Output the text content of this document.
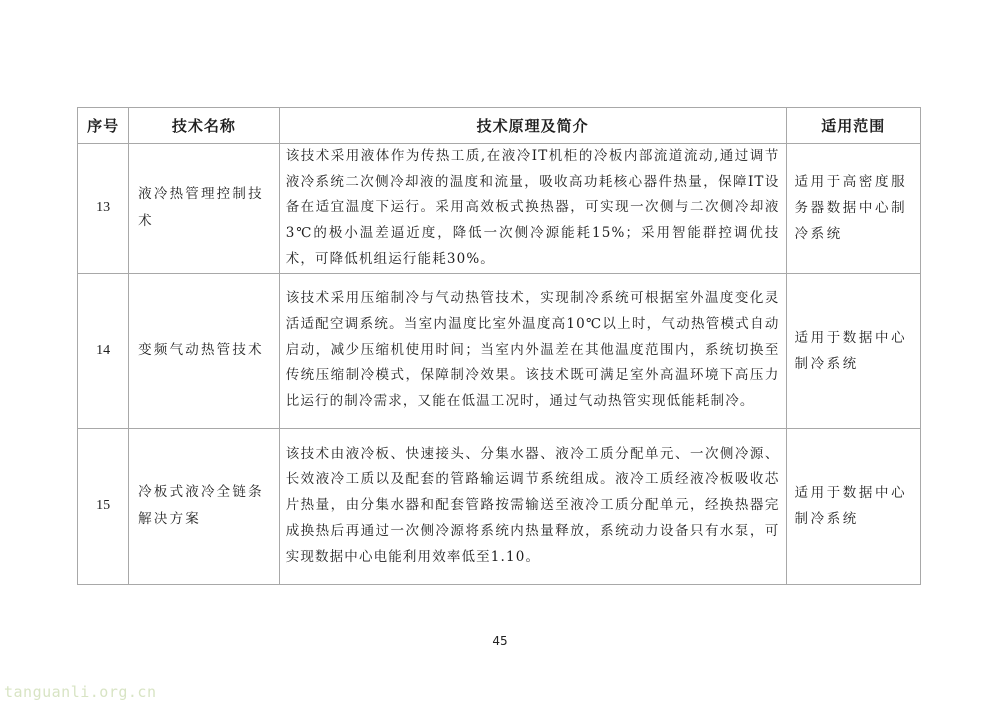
序号	技术名称	技术原理及简介	适用范围
13	液冷热管理控制技术	该技术采用液体作为传热工质,在液冷IT机柜的冷板内部流道流动,通过调节液冷系统二次侧冷却液的温度和流量，吸收高功耗核心器件热量，保障IT设备在适宜温度下运行。采用高效板式换热器，可实现一次侧与二次侧冷却液3℃的极小温差逼近度，降低一次侧冷源能耗15%；采用智能群控调优技术，可降低机组运行能耗30%。	适用于高密度服务器数据中心制冷系统
14	变频气动热管技术	该技术采用压缩制冷与气动热管技术，实现制冷系统可根据室外温度变化灵活适配空调系统。当室内温度比室外温度高10℃以上时，气动热管模式自动启动，减少压缩机使用时间；当室内外温差在其他温度范围内，系统切换至传统压缩制冷模式，保障制冷效果。该技术既可满足室外高温环境下高压力比运行的制冷需求，又能在低温工况时，通过气动热管实现低能耗制冷。	适用于数据中心制冷系统
15	冷板式液冷全链条解决方案	该技术由液冷板、快速接头、分集水器、液冷工质分配单元、一次侧冷源、长效液冷工质以及配套的管路输运调节系统组成。液冷工质经液冷板吸收芯片热量，由分集水器和配套管路按需输送至液冷工质分配单元，经换热器完成换热后再通过一次侧冷源将系统内热量释放，系统动力设备只有水泵，可实现数据中心电能利用效率低至1.10。	适用于数据中心制冷系统
45
tanguanli.org.cn
